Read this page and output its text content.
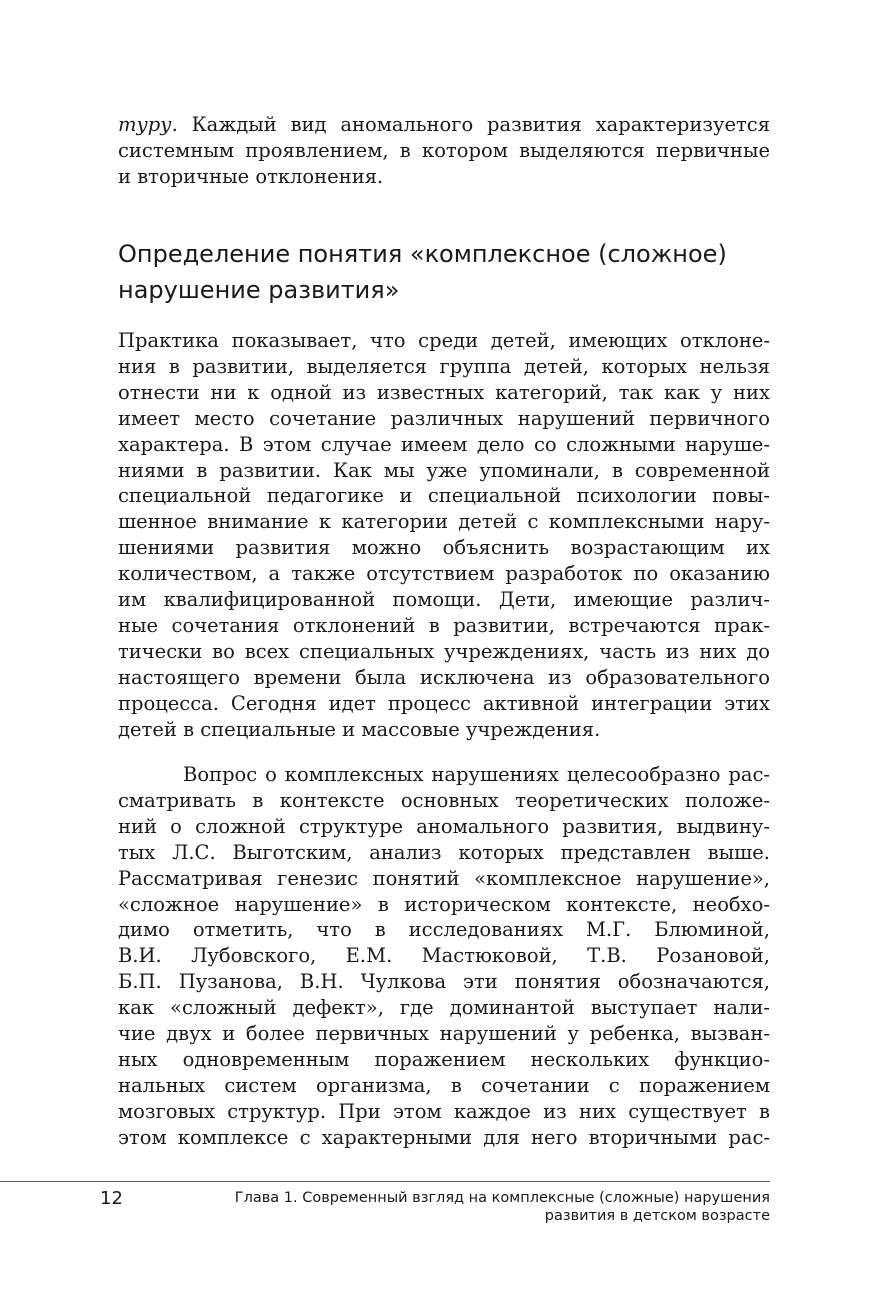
туру. Каждый вид аномального развития характеризуется
системным проявлением, в котором выделяются первичные
и вторичные отклонения.
Определение понятия «комплексное (сложное)
нарушение развития»
Практика показывает, что среди детей, имеющих отклоне-
ния в развитии, выделяется группа детей, которых нельзя
отнести ни к одной из известных категорий, так как у них
имеет место сочетание различных нарушений первичного
характера. В этом случае имеем дело со сложными наруше-
ниями в развитии. Как мы уже упоминали, в современной
специальной педагогике и специальной психологии повы-
шенное внимание к категории детей с комплексными нару-
шениями развития можно объяснить возрастающим их
количеством, а также отсутствием разработок по оказанию
им квалифицированной помощи. Дети, имеющие различ-
ные сочетания отклонений в развитии, встречаются прак-
тически во всех специальных учреждениях, часть из них до
настоящего времени была исключена из образовательного
процесса. Сегодня идет процесс активной интеграции этих
детей в специальные и массовые учреждения.
Вопрос о комплексных нарушениях целесообразно рас-
сматривать в контексте основных теоретических положе-
ний о сложной структуре аномального развития, выдвину-
тых Л.С. Выготским, анализ которых представлен выше.
Рассматривая генезис понятий «комплексное нарушение»,
«сложное нарушение» в историческом контексте, необхо-
димо отметить, что в исследованиях М.Г. Блюминой,
В.И. Лубовского, Е.М. Мастюковой, Т.В. Розановой,
Б.П. Пузанова, В.Н. Чулкова эти понятия обозначаются,
как «сложный дефект», где доминантой выступает нали-
чие двух и более первичных нарушений у ребенка, вызван-
ных одновременным поражением нескольких функцио-
нальных систем организма, в сочетании с поражением
мозговых структур. При этом каждое из них существует в
этом комплексе с характерными для него вторичными рас-
12	Глава 1. Современный взгляд на комплексные (сложные) нарушения
развития в детском возрасте
